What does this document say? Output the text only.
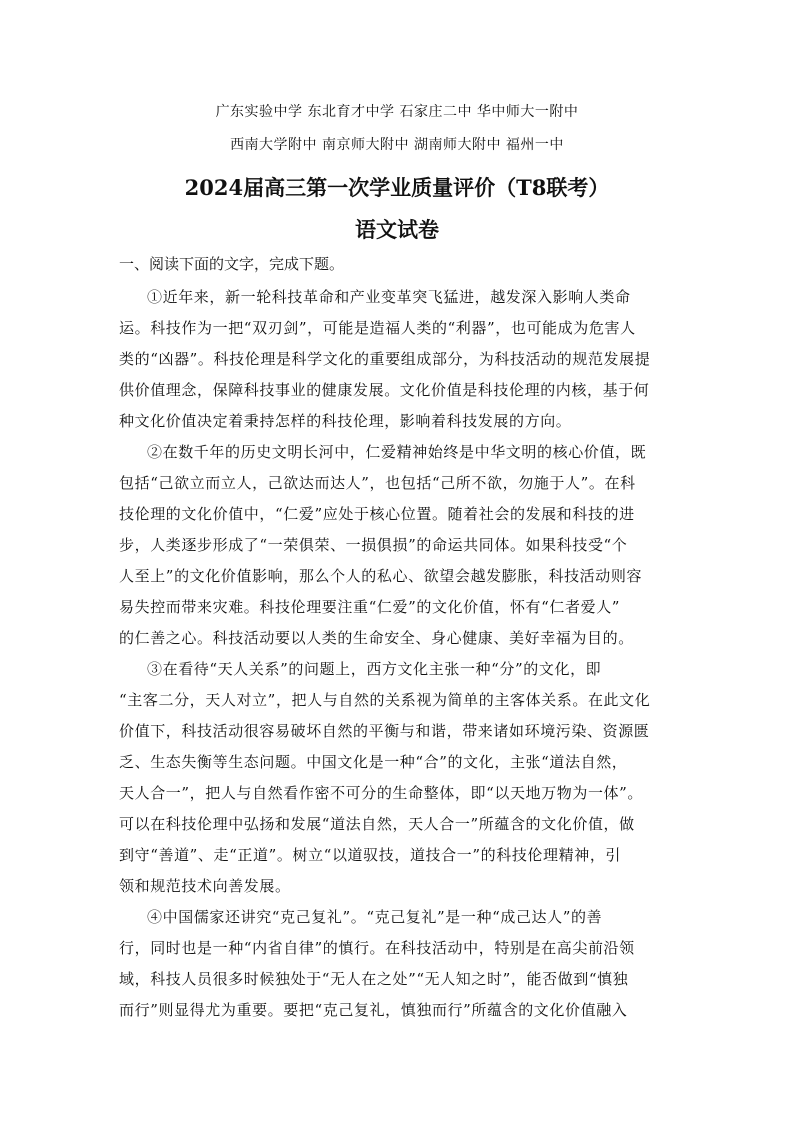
广东实验中学 东北育才中学 石家庄二中 华中师大一附中
西南大学附中 南京师大附中 湖南师大附中 福州一中
2024届高三第一次学业质量评价（T8联考）
语文试卷
一、阅读下面的文字，完成下题。
①近年来，新一轮科技革命和产业变革突飞猛进，越发深入影响人类命
运。科技作为一把“双刃剑”，可能是造福人类的“利器”，也可能成为危害人
类的“凶器”。科技伦理是科学文化的重要组成部分，为科技活动的规范发展提
供价值理念，保障科技事业的健康发展。文化价值是科技伦理的内核，基于何
种文化价值决定着秉持怎样的科技伦理，影响着科技发展的方向。
②在数千年的历史文明长河中，仁爱精神始终是中华文明的核心价值，既
包括“己欲立而立人，己欲达而达人”，也包括“己所不欲，勿施于人”。在科
技伦理的文化价值中，“仁爱”应处于核心位置。随着社会的发展和科技的进
步，人类逐步形成了“一荣俱荣、一损俱损”的命运共同体。如果科技受“个
人至上”的文化价值影响，那么个人的私心、欲望会越发膨胀，科技活动则容
易失控而带来灾难。科技伦理要注重“仁爱”的文化价值，怀有“仁者爱人”
的仁善之心。科技活动要以人类的生命安全、身心健康、美好幸福为目的。
③在看待“天人关系”的问题上，西方文化主张一种“分”的文化，即
“主客二分，天人对立”，把人与自然的关系视为简单的主客体关系。在此文化
价值下，科技活动很容易破坏自然的平衡与和谐，带来诸如环境污染、资源匮
乏、生态失衡等生态问题。中国文化是一种“合”的文化，主张“道法自然，
天人合一”，把人与自然看作密不可分的生命整体，即“以天地万物为一体”。
可以在科技伦理中弘扬和发展“道法自然，天人合一”所蕴含的文化价值，做
到守“善道”、走“正道”。树立“以道驭技，道技合一”的科技伦理精神，引
领和规范技术向善发展。
④中国儒家还讲究“克己复礼”。“克己复礼”是一种“成己达人”的善
行，同时也是一种“内省自律”的慎行。在科技活动中，特别是在高尖前沿领
域，科技人员很多时候独处于“无人在之处”“无人知之时”，能否做到“慎独
而行”则显得尤为重要。要把“克己复礼，慎独而行”所蕴含的文化价值融入
